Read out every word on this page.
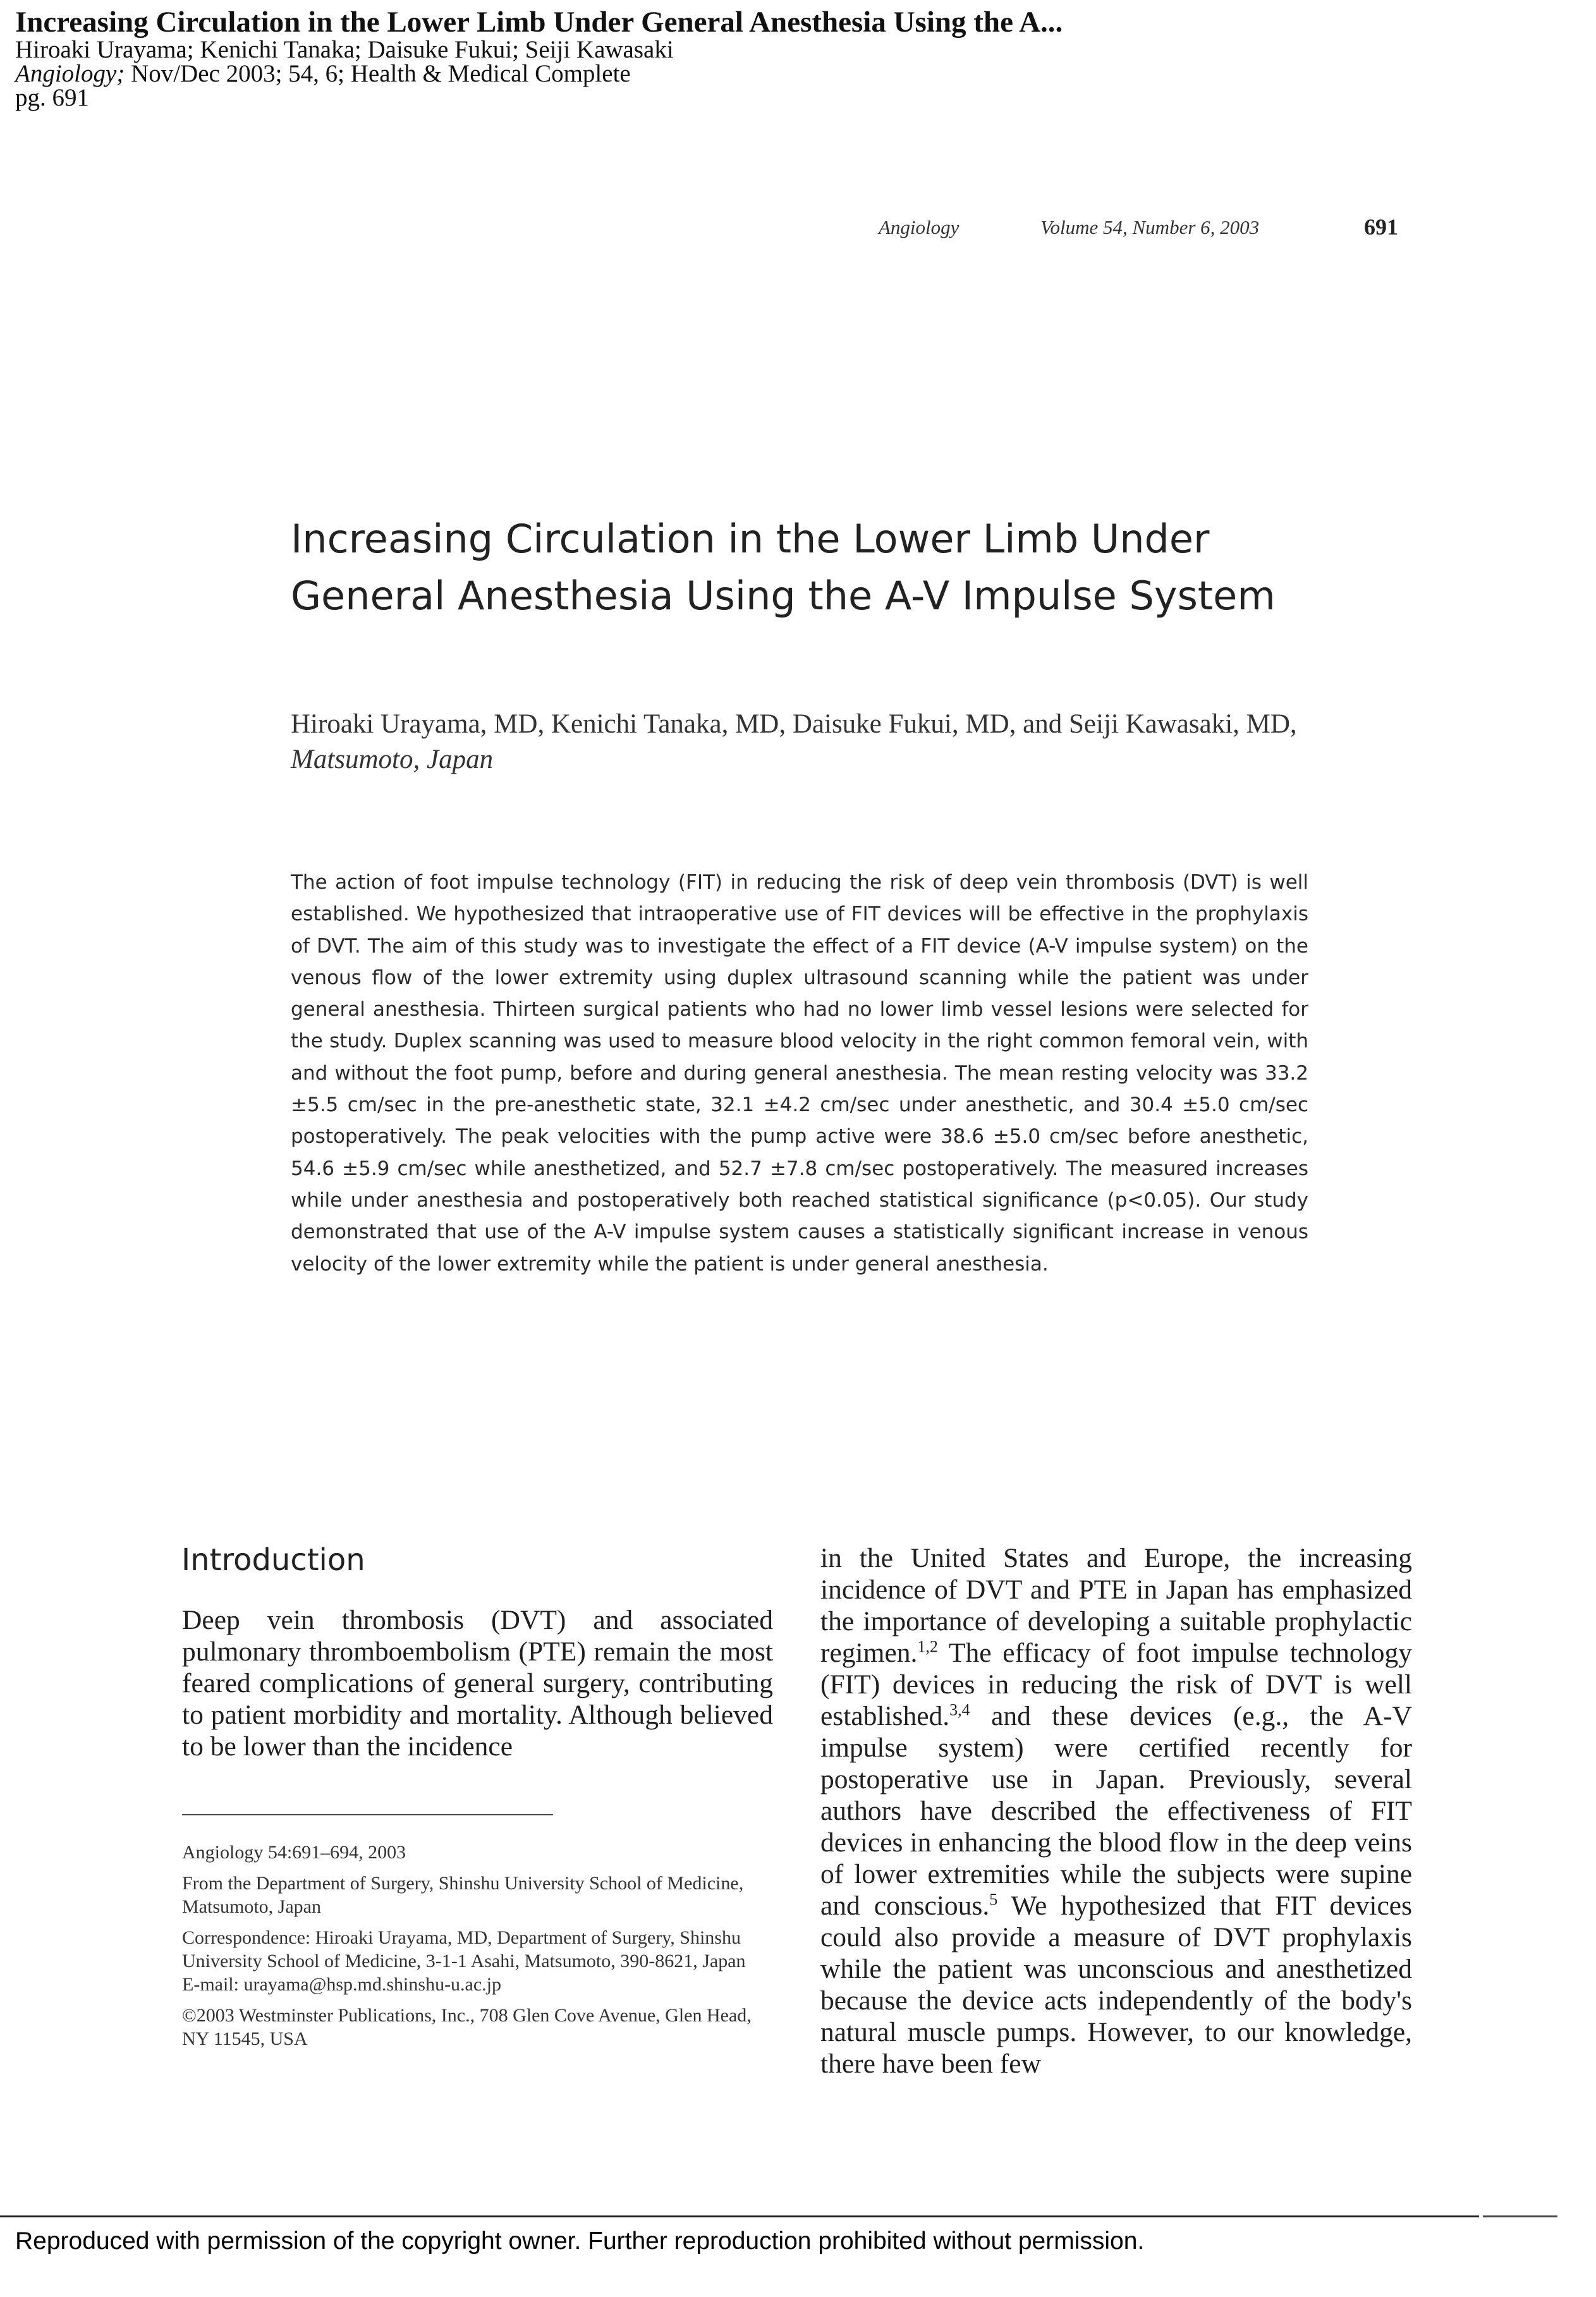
Increasing Circulation in the Lower Limb Under General Anesthesia Using the A...
Hiroaki Urayama; Kenichi Tanaka; Daisuke Fukui; Seiji Kawasaki
Angiology; Nov/Dec 2003; 54, 6; Health & Medical Complete
pg. 691
Angiology	Volume 54, Number 6, 2003	691
Increasing Circulation in the Lower Limb Under General Anesthesia Using the A-V Impulse System
Hiroaki Urayama, MD, Kenichi Tanaka, MD, Daisuke Fukui, MD, and Seiji Kawasaki, MD, Matsumoto, Japan
The action of foot impulse technology (FIT) in reducing the risk of deep vein thrombosis (DVT) is well established. We hypothesized that intraoperative use of FIT devices will be effective in the prophylaxis of DVT. The aim of this study was to investigate the effect of a FIT device (A-V impulse system) on the venous flow of the lower extremity using duplex ultrasound scanning while the patient was under general anesthesia. Thirteen surgical patients who had no lower limb vessel lesions were selected for the study. Duplex scanning was used to measure blood velocity in the right common femoral vein, with and without the foot pump, before and during general anesthesia. The mean resting velocity was 33.2 ±5.5 cm/sec in the pre-anesthetic state, 32.1 ±4.2 cm/sec under anesthetic, and 30.4 ±5.0 cm/sec postoperatively. The peak velocities with the pump active were 38.6 ±5.0 cm/sec before anesthetic, 54.6 ±5.9 cm/sec while anesthetized, and 52.7 ±7.8 cm/sec postoperatively. The measured increases while under anesthesia and postoperatively both reached statistical significance (p<0.05). Our study demonstrated that use of the A-V impulse system causes a statistically significant increase in venous velocity of the lower extremity while the patient is under general anesthesia.
Introduction
Deep vein thrombosis (DVT) and associated pulmonary thromboembolism (PTE) remain the most feared complications of general surgery, contributing to patient morbidity and mortality. Although believed to be lower than the incidence
in the United States and Europe, the increasing incidence of DVT and PTE in Japan has emphasized the importance of developing a suitable prophylactic regimen.$^{1,2}$ The efficacy of foot impulse technology (FIT) devices in reducing the risk of DVT is well established.$^{3,4}$ and these devices (e.g., the A-V impulse system) were certified recently for postoperative use in Japan. Previously, several authors have described the effectiveness of FIT devices in enhancing the blood flow in the deep veins of lower extremities while the subjects were supine and conscious.$^5$ We hypothesized that FIT devices could also provide a measure of DVT prophylaxis while the patient was unconscious and anesthetized because the device acts independently of the body's natural muscle pumps. However, to our knowledge, there have been few

Angiology 54:691–694, 2003

From the Department of Surgery, Shinshu University School of Medicine, Matsumoto, Japan

Correspondence: Hiroaki Urayama, MD, Department of Surgery, Shinshu University School of Medicine, 3-1-1 Asahi, Matsumoto, 390-8621, Japan

E-mail: urayama@hsp.md.shinshu-u.ac.jp

©2003 Westminster Publications, Inc., 708 Glen Cove Avenue, Glen Head, NY 11545, USA

Reproduced with permission of the copyright owner. Further reproduction prohibited without permission.
